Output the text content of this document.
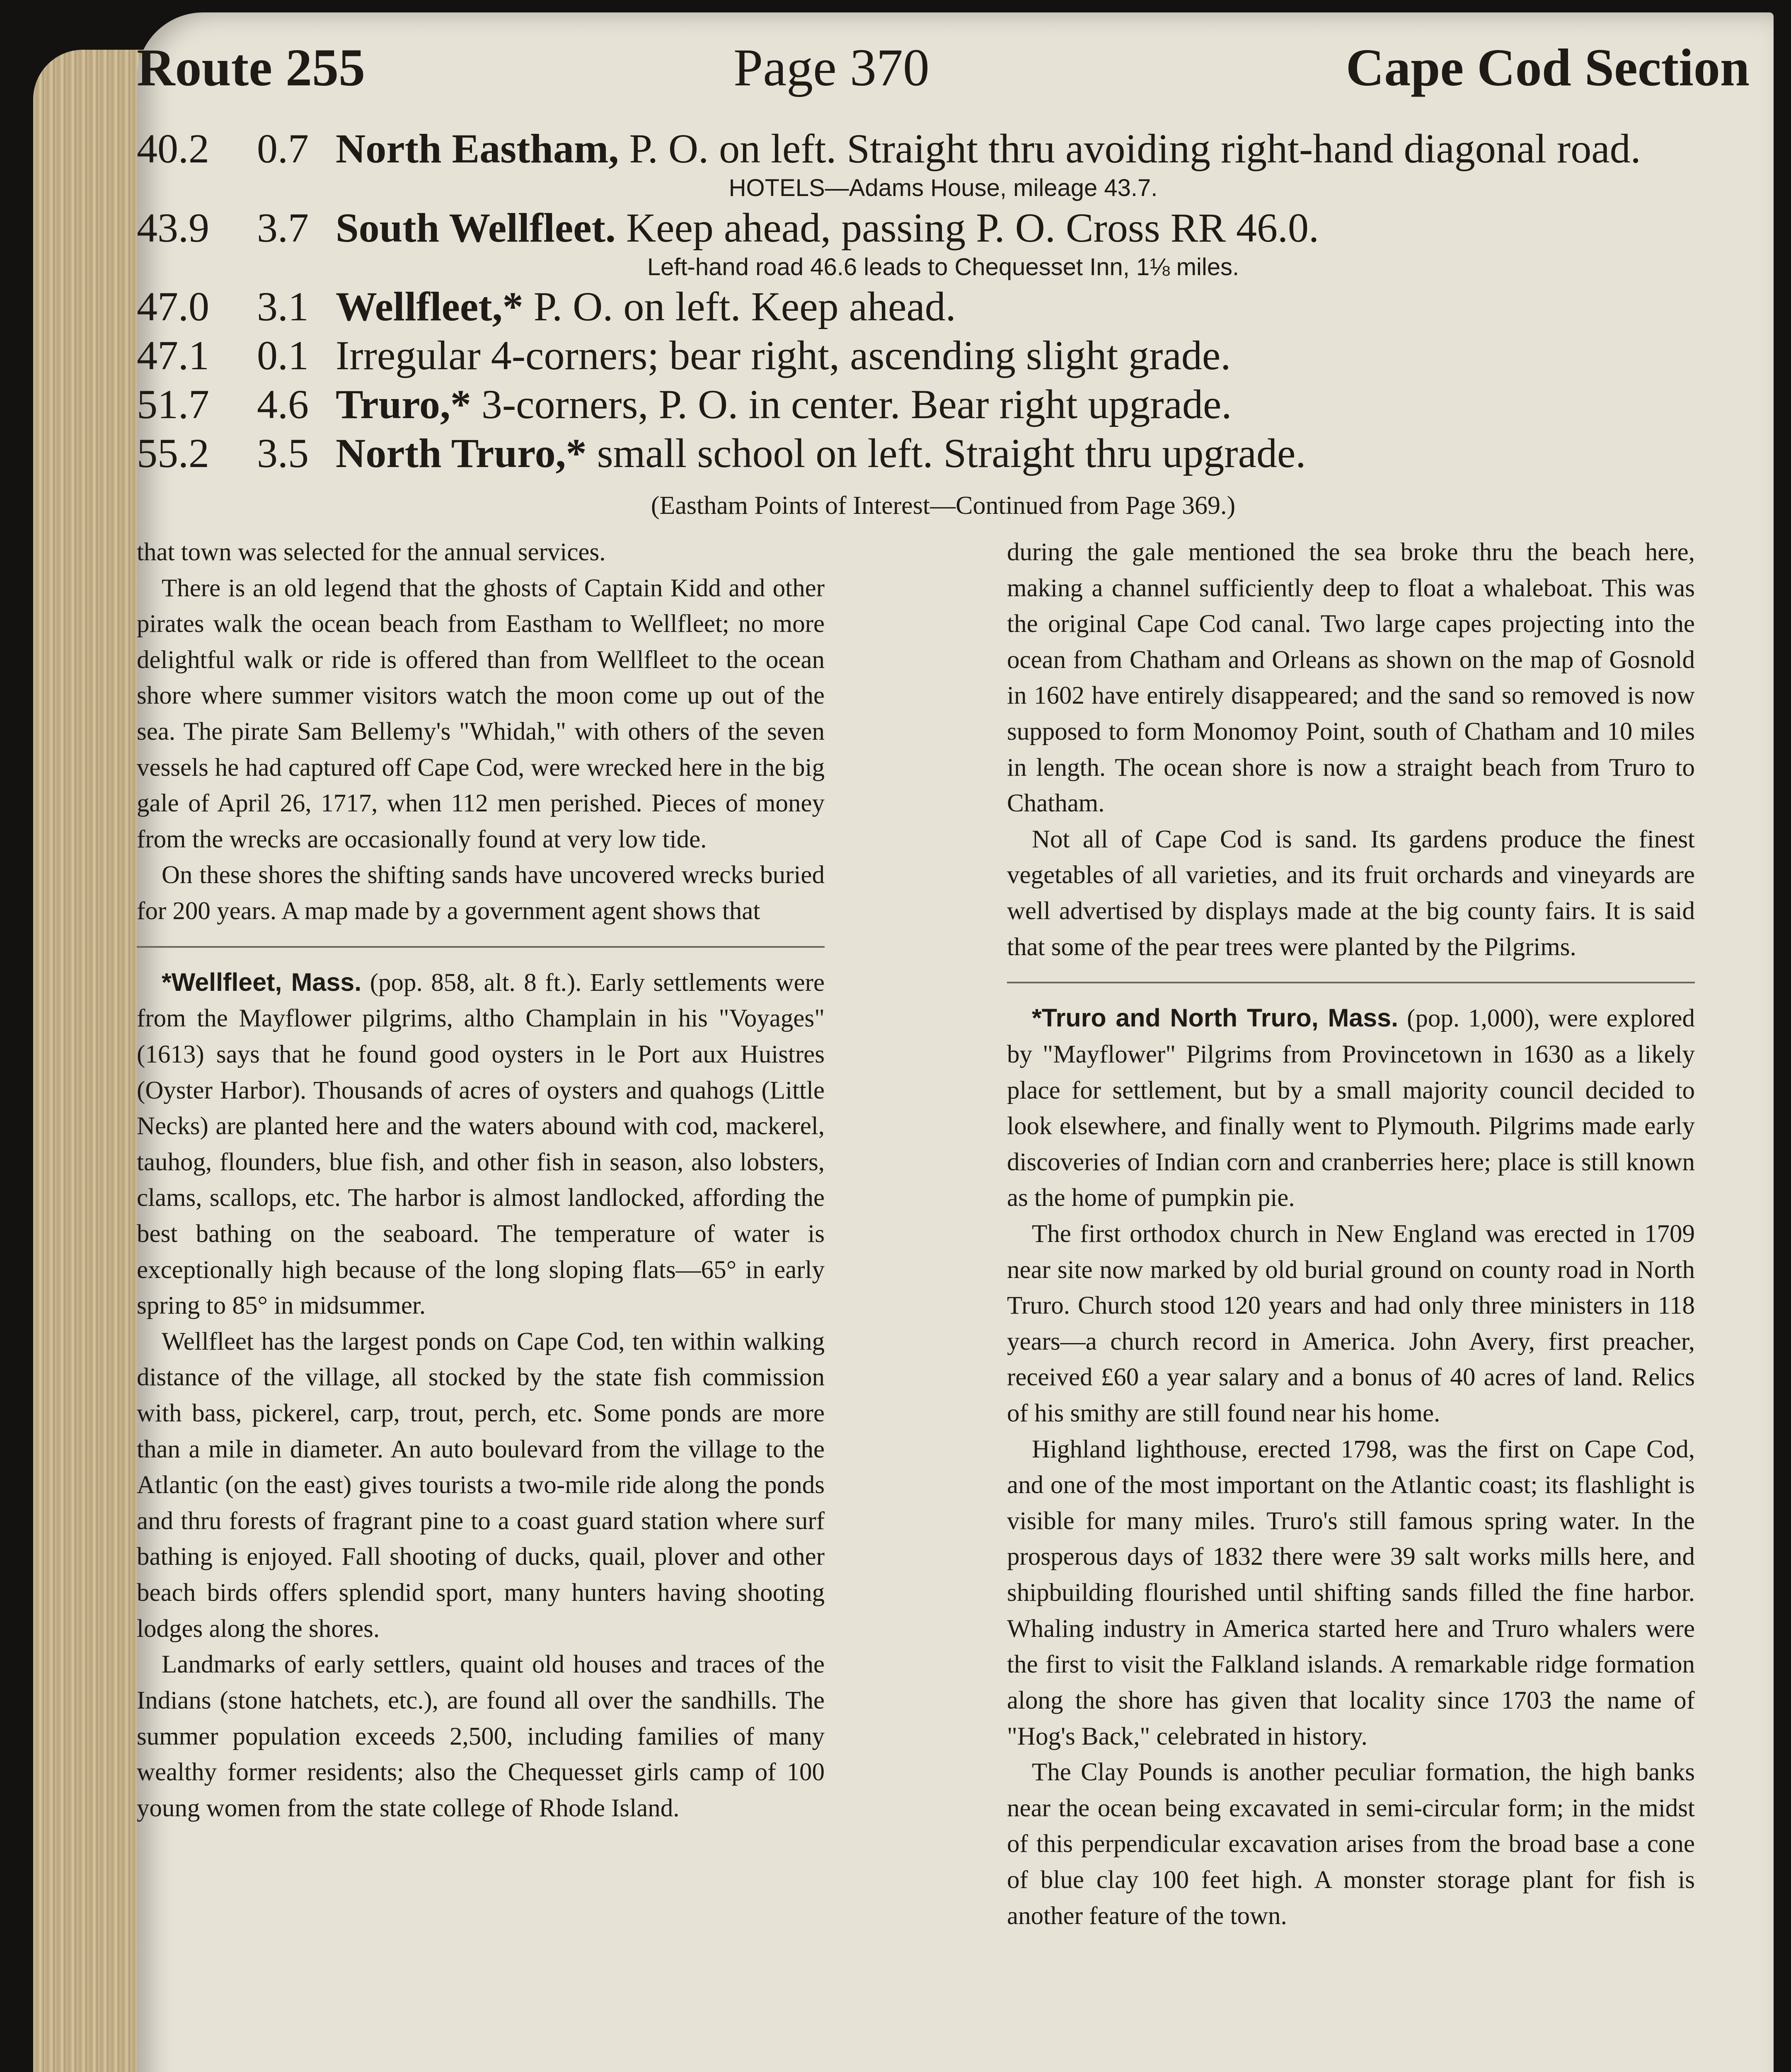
Route 255	Page 370	Cape Cod Section
40.2	0.7 North Eastham, P. O. on left. Straight thru avoiding right-hand diagonal road.
HOTELS—Adams House, mileage 43.7.
43.9	3.7 South Wellfleet. Keep ahead, passing P. O. Cross RR 46.0.
Left-hand road 46.6 leads to Chequesset Inn, 1⅛ miles.
47.0	3.1 Wellfleet,* P. O. on left. Keep ahead.
47.1	0.1 Irregular 4-corners; bear right, ascending slight grade.
51.7	4.6 Truro,* 3-corners, P. O. in center. Bear right upgrade.
55.2	3.5 North Truro,* small school on left. Straight thru upgrade.
(Eastham Points of Interest—Continued from Page 369.)

that town was selected for the annual services.

There is an old legend that the ghosts of Captain Kidd and other pirates walk the ocean beach from Eastham to Wellfleet; no more delightful walk or ride is offered than from Wellfleet to the ocean shore where summer visitors watch the moon come up out of the sea. The pirate Sam Bellemy's "Whidah," with others of the seven vessels he had captured off Cape Cod, were wrecked here in the big gale of April 26, 1717, when 112 men perished. Pieces of money from the wrecks are occasionally found at very low tide.

On these shores the shifting sands have uncovered wrecks buried for 200 years. A map made by a government agent shows that

*Wellfleet, Mass. (pop. 858, alt. 8 ft.). Early settlements were from the Mayflower pilgrims, altho Champlain in his "Voyages" (1613) says that he found good oysters in le Port aux Huistres (Oyster Harbor). Thousands of acres of oysters and quahogs (Little Necks) are planted here and the waters abound with cod, mackerel, tauhog, flounders, blue fish, and other fish in season, also lobsters, clams, scallops, etc. The harbor is almost landlocked, affording the best bathing on the seaboard. The temperature of water is exceptionally high because of the long sloping flats—65° in early spring to 85° in midsummer.

Wellfleet has the largest ponds on Cape Cod, ten within walking distance of the village, all stocked by the state fish commission with bass, pickerel, carp, trout, perch, etc. Some ponds are more than a mile in diameter. An auto boulevard from the village to the Atlantic (on the east) gives tourists a two-mile ride along the ponds and thru forests of fragrant pine to a coast guard station where surf bathing is enjoyed. Fall shooting of ducks, quail, plover and other beach birds offers splendid sport, many hunters having shooting lodges along the shores.

Landmarks of early settlers, quaint old houses and traces of the Indians (stone hatchets, etc.), are found all over the sandhills. The summer population exceeds 2,500, including families of many wealthy former residents; also the Chequesset girls camp of 100 young women from the state college of Rhode Island.

during the gale mentioned the sea broke thru the beach here, making a channel sufficiently deep to float a whaleboat. This was the original Cape Cod canal. Two large capes projecting into the ocean from Chatham and Orleans as shown on the map of Gosnold in 1602 have entirely disappeared; and the sand so removed is now supposed to form Monomoy Point, south of Chatham and 10 miles in length. The ocean shore is now a straight beach from Truro to Chatham.

Not all of Cape Cod is sand. Its gardens produce the finest vegetables of all varieties, and its fruit orchards and vineyards are well advertised by displays made at the big county fairs. It is said that some of the pear trees were planted by the Pilgrims.

*Truro and North Truro, Mass. (pop. 1,000), were explored by "Mayflower" Pilgrims from Provincetown in 1630 as a likely place for settlement, but by a small majority council decided to look elsewhere, and finally went to Plymouth. Pilgrims made early discoveries of Indian corn and cranberries here; place is still known as the home of pumpkin pie.

The first orthodox church in New England was erected in 1709 near site now marked by old burial ground on county road in North Truro. Church stood 120 years and had only three ministers in 118 years—a church record in America. John Avery, first preacher, received £60 a year salary and a bonus of 40 acres of land. Relics of his smithy are still found near his home.

Highland lighthouse, erected 1798, was the first on Cape Cod, and one of the most important on the Atlantic coast; its flashlight is visible for many miles. Truro's still famous spring water. In the prosperous days of 1832 there were 39 salt works mills here, and shipbuilding flourished until shifting sands filled the fine harbor. Whaling industry in America started here and Truro whalers were the first to visit the Falkland islands. A remarkable ridge formation along the shore has given that locality since 1703 the name of "Hog's Back," celebrated in history.

The Clay Pounds is another peculiar formation, the high banks near the ocean being excavated in semi-circular form; in the midst of this perpendicular excavation arises from the broad base a cone of blue clay 100 feet high. A monster storage plant for fish is another feature of the town.
